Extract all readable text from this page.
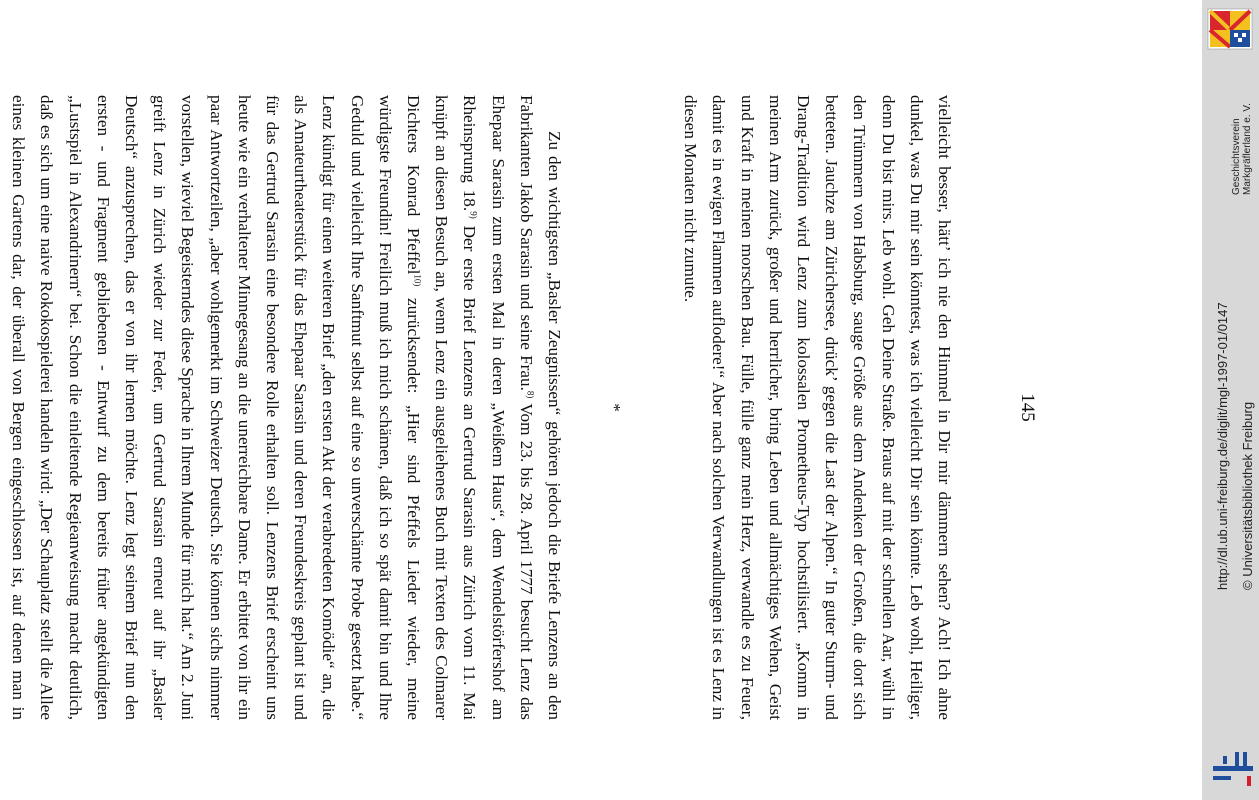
145

vielleicht besser, hätt’ ich nie den Himmel in Dir mir dämmern sehen? Ach! Ich ahne dunkel, was Du mir sein könntest, was ich vielleicht Dir sein könnte. Leb wohl, Heiliger, denn Du bist mirs. Leb wohl. Geh Deine Straße. Braus auf mit der schnellen Aar, wühl in den Trümmern von Habsburg, sauge Größe aus dem Andenken der Großen, die dort sich betteten. Jauchze am Zürichersee, drück’ gegen die Last der Alpen.“ In guter Sturm- und Drang-Tradition wird Lenz zum kolossalen Prometheus-Typ hochstilisiert. „Komm in meinen Arm zurück, großer und herrlicher, bring Leben und allmächtiges Wehen, Geist und Kraft in meinen morschen Bau. Fülle, fülle ganz mein Herz, verwandle es zu Feuer, damit es in ewigen Flammen auflodere!“ Aber nach solchen Verwandlungen ist es Lenz in diesen Monaten nicht zumute.

*

Zu den wichtigsten „Basler Zeugnissen“ gehören jedoch die Briefe Lenzens an den Fabrikanten Jakob Sarasin und seine Frau.$^{8)}$ Vom 23. bis 28. April 1777 besucht Lenz das Ehepaar Sarasin zum ersten Mal in deren „Weißem Haus“, dem Wendelstörfershof am Rheinsprung 18.$^{9)}$ Der erste Brief Lenzens an Gertrud Sarasin aus Zürich vom 11. Mai knüpft an diesen Besuch an, wenn Lenz ein ausgeliehenes Buch mit Texten des Colmarer Dichters Konrad Pfeffel$^{10)}$ zurücksendet: „Hier sind Pfeffels Lieder wieder, meine würdigste Freundin! Freilich muß ich mich schämen, daß ich so spät damit bin und Ihre Geduld und vielleicht Ihre Sanftmut selbst auf eine so unverschämte Probe gesetzt habe.“ Lenz kündigt für einen weiteren Brief „den ersten Akt der verabredeten Komödie“ an, die als Amateurtheaterstück für das Ehepaar Sarasin und deren Freundeskreis geplant ist und für das Gertrud Sarasin eine besondere Rolle erhalten soll. Lenzens Brief erscheint uns heute wie ein verhaltener Minnegesang an die unerreichbare Dame. Er erbittet von ihr ein paar Antwortzeilen, „aber wohlgemerkt im Schweizer Deutsch. Sie können sichs nimmer vorstellen, wieviel Begeisterndes diese Sprache in Ihrem Munde für mich hat.“ Am 2. Juni greift Lenz in Zürich wieder zur Feder, um Gertrud Sarasin erneut auf ihr „Basler Deutsch“ anzusprechen, das er von ihr lernen möchte. Lenz legt seinem Brief nun den ersten - und Fragment gebliebenen - Entwurf zu dem bereits früher angekündigten „Lustspiel in Alexandrinern“ bei. Schon die einleitende Regieanweisung macht deutlich, daß es sich um eine naive Rokokospielerei handeln wird: „Der Schauplatz stellt die Allee eines kleinen Gartens dar, der überall von Bergen eingeschlossen ist, auf denen man in

Geschichtsverein Markgräflerland e. V.
http://dl.ub.uni-freiburg.de/diglit/mgl-1997-01/0147 © Universitätsbibliothek Freiburg
